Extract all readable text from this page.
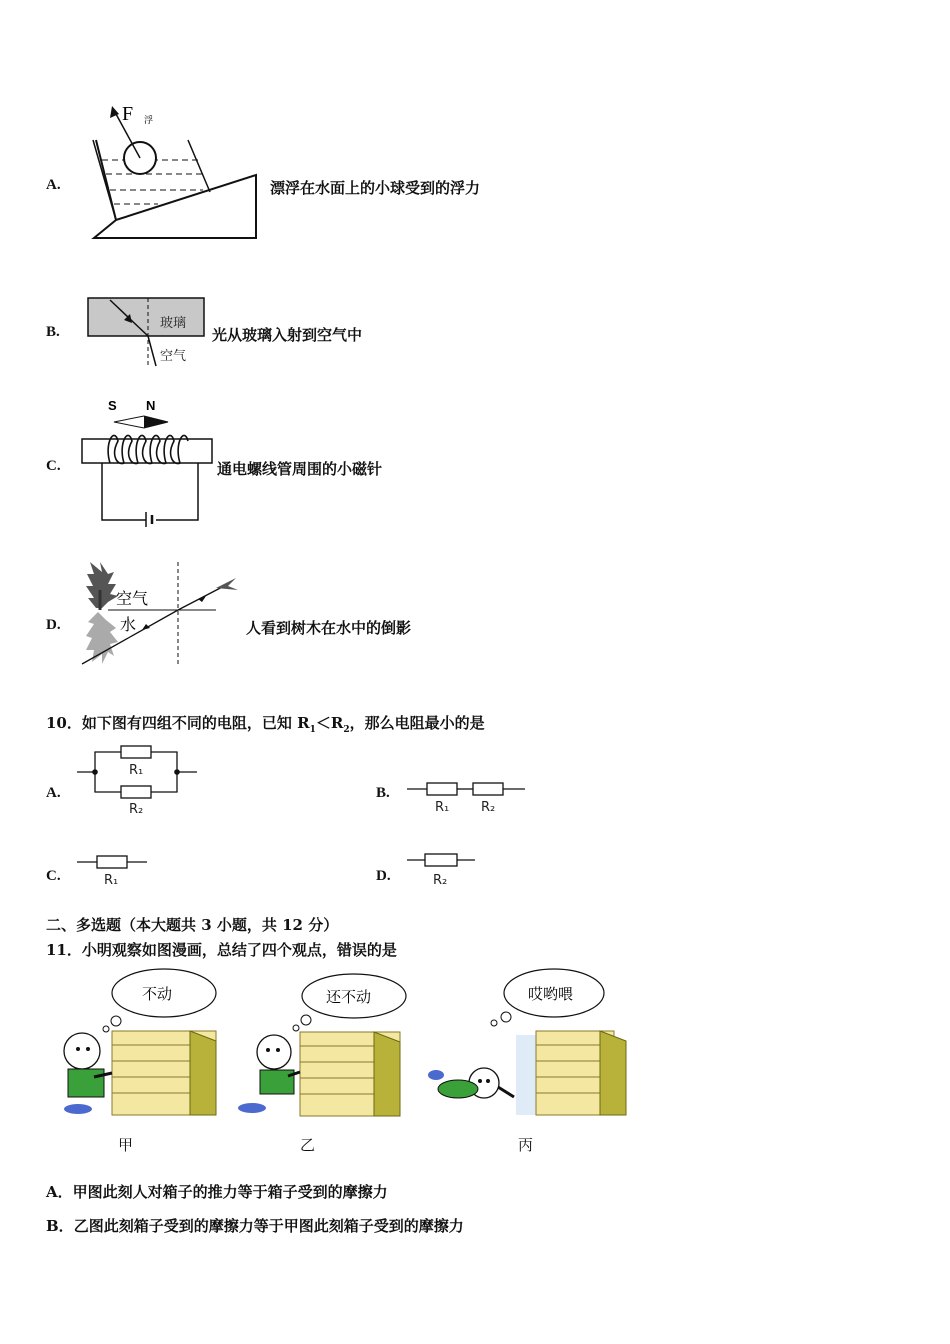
A.
F 浮
漂浮在水面上的小球受到的浮力
B.
玻璃
空气
光从玻璃入射到空气中
C.
S N
通电螺线管周围的小磁针
D.
空气
水	人看到树木在水中的倒影
10．如下图有四组不同的电阻，已知 $R_1<R_2$，那么电阻最小的是
A.
R₁
R₂
B.
R₁ R₂
C.	R₁	D.	R₂
二、多选题（本大题共 3 小题，共 12 分）
11．小明观察如图漫画，总结了四个观点，错误的是
不动	还不动	哎哟喂
甲	乙	丙
A．甲图此刻人对箱子的推力等于箱子受到的摩擦力
B．乙图此刻箱子受到的摩擦力等于甲图此刻箱子受到的摩擦力
